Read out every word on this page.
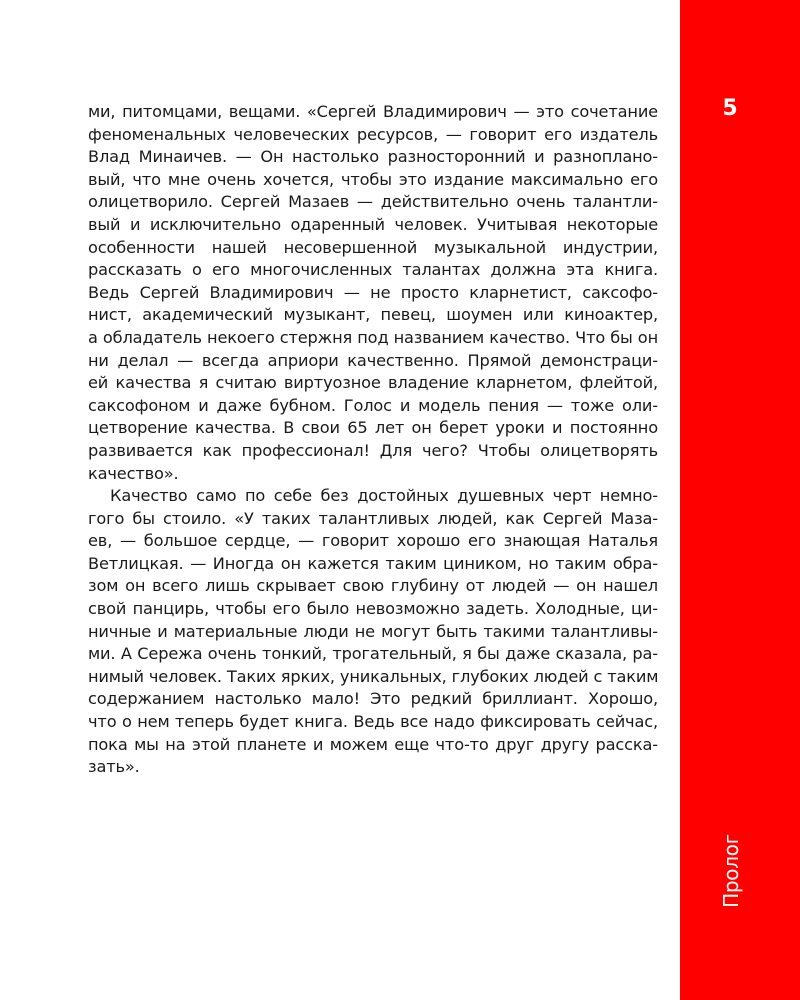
ми, питомцами, вещами. «Сергей Владимирович — это сочетание
феноменальных человеческих ресурсов, — говорит его издатель
Влад Минаичев. — Он настолько разносторонний и разноплано-
вый, что мне очень хочется, чтобы это издание максимально его
олицетворило. Сергей Мазаев — действительно очень талантли-
вый и исключительно одаренный человек. Учитывая некоторые
особенности нашей несовершенной музыкальной индустрии,
рассказать о его многочисленных талантах должна эта книга.
Ведь Сергей Владимирович — не просто кларнетист, саксофо-
нист, академический музыкант, певец, шоумен или киноактер,
а обладатель некоего стержня под названием качество. Что бы он
ни делал — всегда априори качественно. Прямой демонстраци-
ей качества я считаю виртуозное владение кларнетом, флейтой,
саксофоном и даже бубном. Голос и модель пения — тоже оли-
цетворение качества. В свои 65 лет он берет уроки и постоянно
развивается как профессионал! Для чего? Чтобы олицетворять
качество».
Качество само по себе без достойных душевных черт немно-
гого бы стоило. «У таких талантливых людей, как Сергей Маза-
ев, — большое сердце, — говорит хорошо его знающая Наталья
Ветлицкая. — Иногда он кажется таким циником, но таким обра-
зом он всего лишь скрывает свою глубину от людей — он нашел
свой панцирь, чтобы его было невозможно задеть. Холодные, ци-
ничные и материальные люди не могут быть такими талантливы-
ми. А Сережа очень тонкий, трогательный, я бы даже сказала, ра-
нимый человек. Таких ярких, уникальных, глубоких людей с таким
содержанием настолько мало! Это редкий бриллиант. Хорошо,
что о нем теперь будет книга. Ведь все надо фиксировать сейчас,
пока мы на этой планете и можем еще что-то друг другу расска-
зать».
5
Пролог
